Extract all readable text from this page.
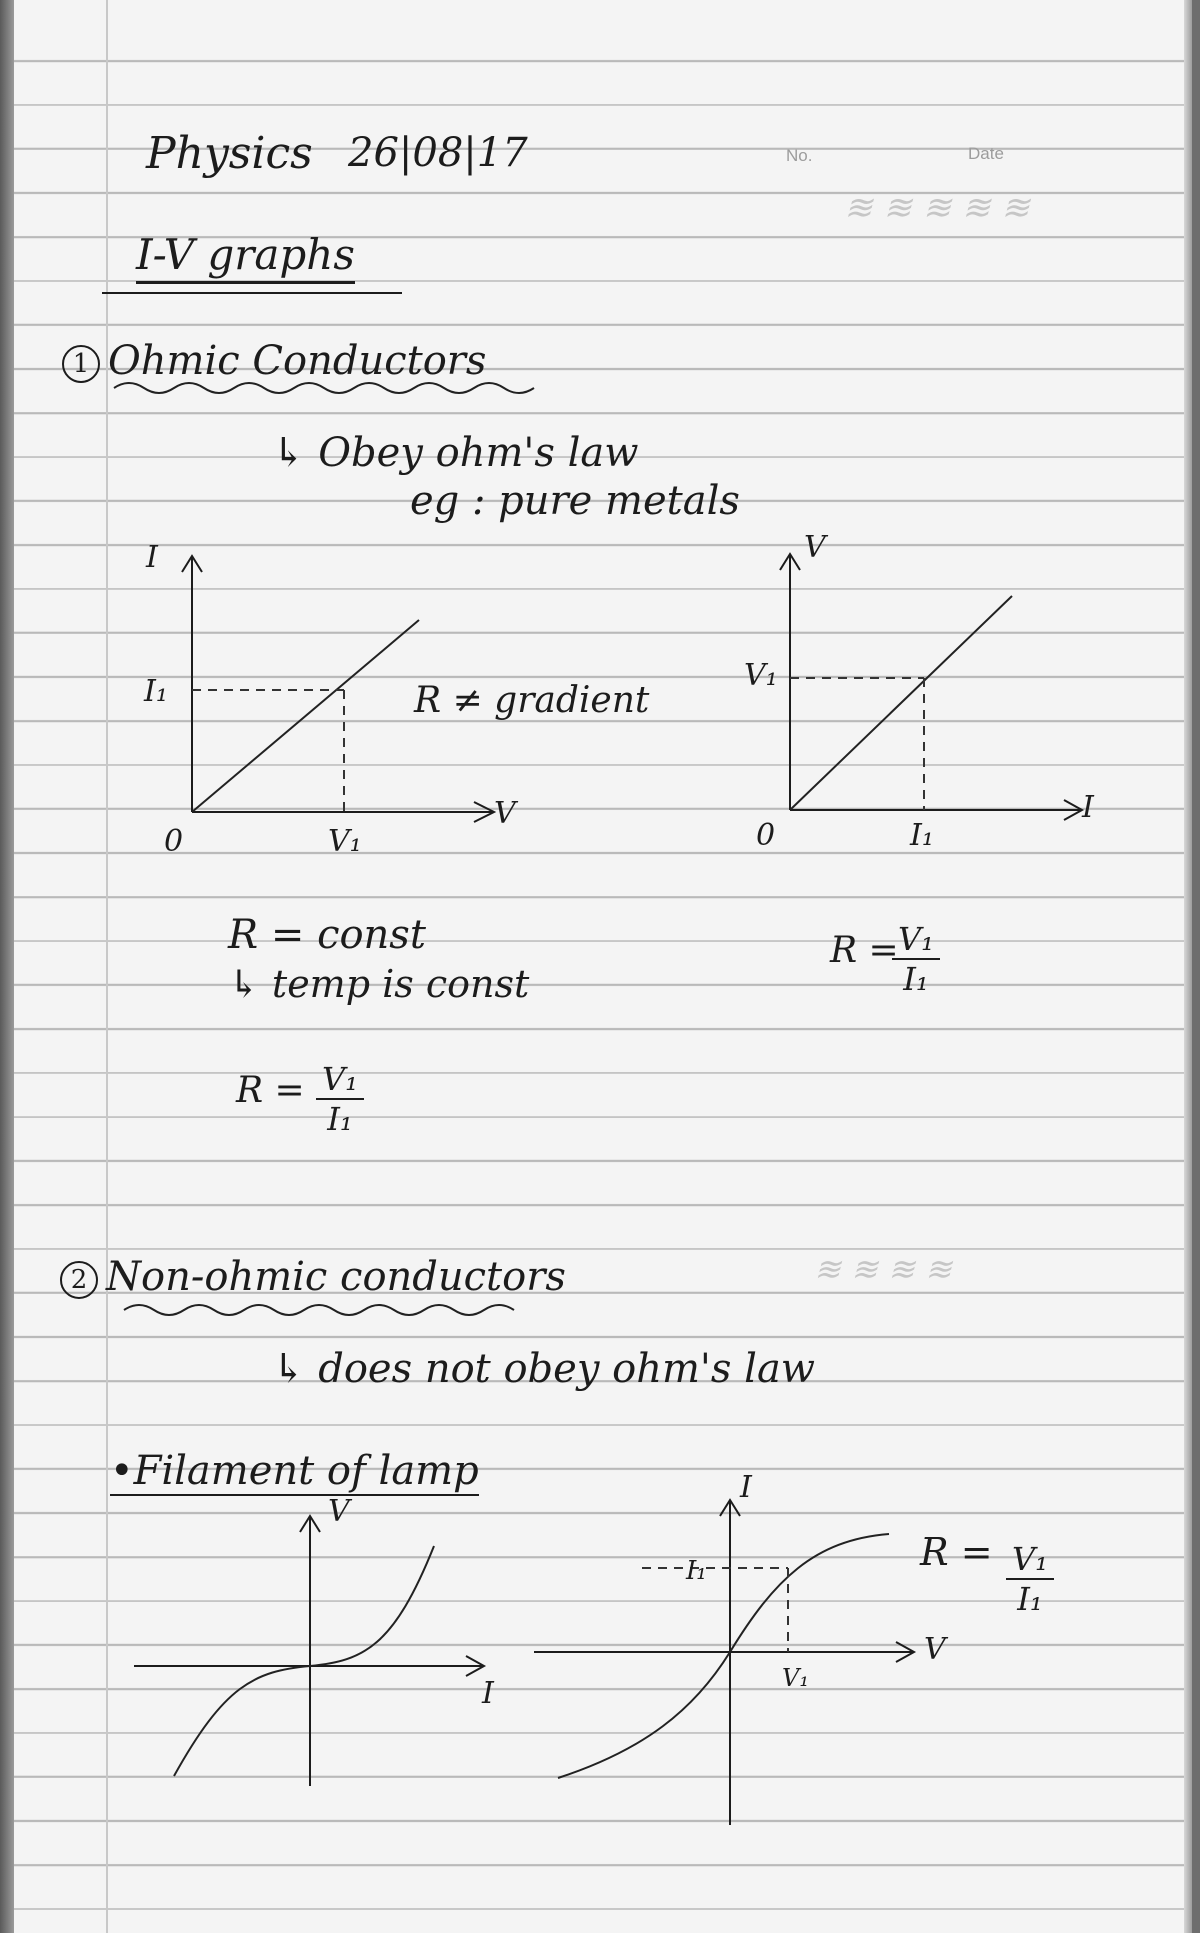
≋ ≋ ≋ ≋ ≋
No.	Date
Physics 26|08|17
I-V graphs
1 Ohmic Conductors
↳ Obey ohm's law
eg : pure metals
I
V
0
I₁
V₁
R ≠ gradient
V
I
0
V₁
I₁
R = const
↳ temp is const
R =
$\frac{\text{V₁}}{\text{I₁}}$
$R = \frac{\text{V₁}}{\text{I₁}}$
2 Non-ohmic conductors	≋ ≋ ≋ ≋
↳ does not obey ohm's law
•Filament of lamp
V
I
I
V
I₁
V₁
$R = \frac{\text{V₁}}{\text{I₁}}$
